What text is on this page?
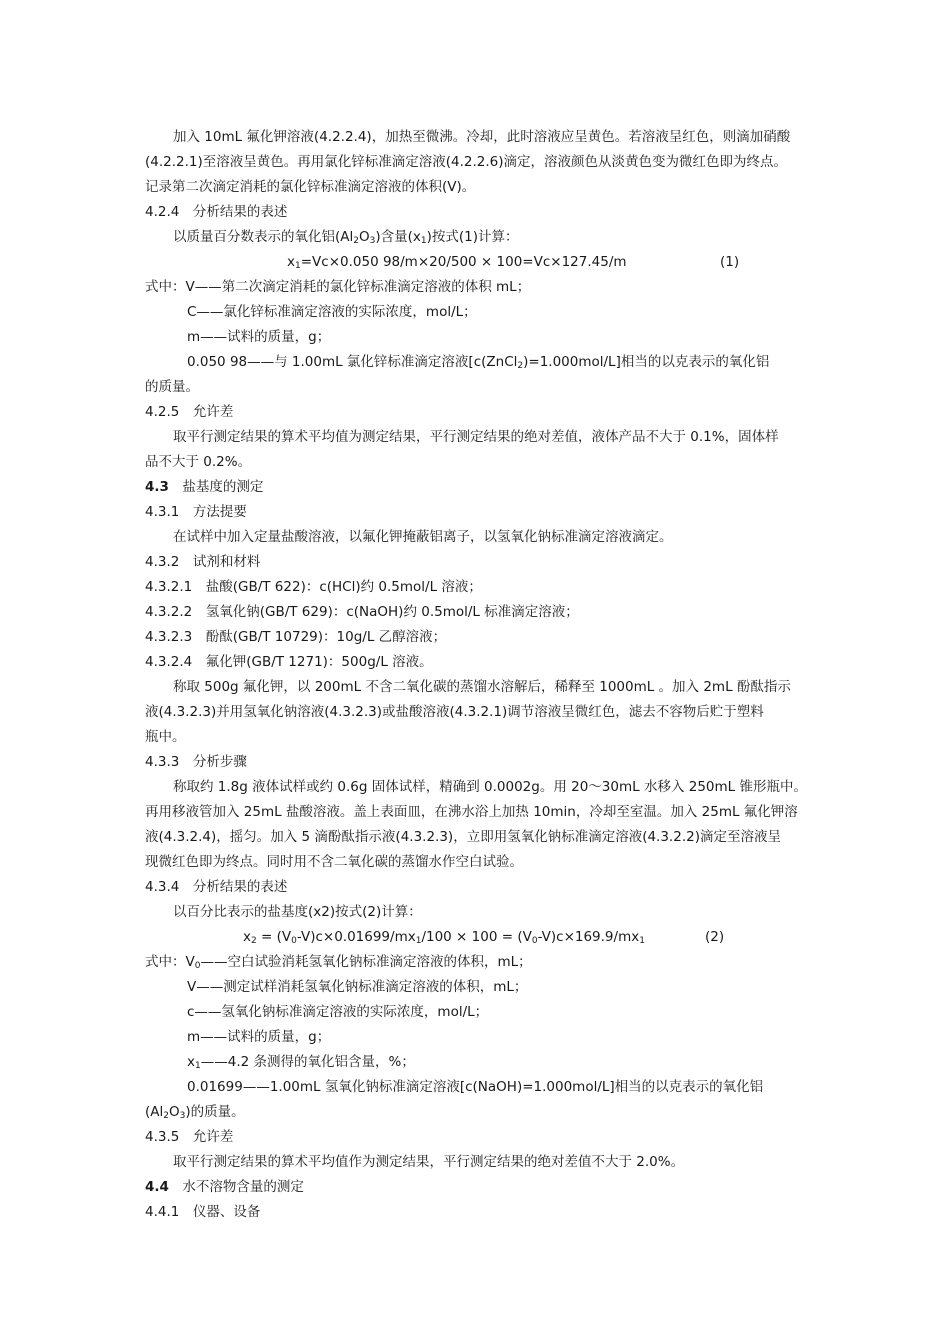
加入 10mL 氟化钾溶液(4.2.2.4)，加热至微沸。冷却，此时溶液应呈黄色。若溶液呈红色，则滴加硝酸
(4.2.2.1)至溶液呈黄色。再用氯化锌标准滴定溶液(4.2.2.6)滴定，溶液颜色从淡黄色变为微红色即为终点。
记录第二次滴定消耗的氯化锌标准滴定溶液的体积(V)。
4.2.4　分析结果的表述
以质量百分数表示的氧化铝$(Al_2O_3)$含量$(x_1)$按式(1)计算：
$x_1=Vc\times 0.050$ 98/m×20/500 × 100=Vc×127.45/m	(1)
式中：V——第二次滴定消耗的氯化锌标准滴定溶液的体积 mL；
C——氯化锌标准滴定溶液的实际浓度，mol/L；
m——试料的质量，g；
0.050 98——与 1.00mL 氯化锌标准滴定溶液[c(ZnCl$_2$)=1.000mol/L]相当的以克表示的氧化铝
的质量。
4.2.5　允许差
取平行测定结果的算术平均值为测定结果，平行测定结果的绝对差值，液体产品不大于 0.1%，固体样
品不大于 0.2%。
4.3　盐基度的测定
4.3.1　方法提要
在试样中加入定量盐酸溶液，以氟化钾掩蔽铝离子，以氢氧化钠标准滴定溶液滴定。
4.3.2　试剂和材料
4.3.2.1　盐酸(GB/T 622)：c(HCl)约 0.5mol/L 溶液；
4.3.2.2　氢氧化钠(GB/T 629)：c(NaOH)约 0.5mol/L 标准滴定溶液；
4.3.2.3　酚酞(GB/T 10729)：10g/L 乙醇溶液；
4.3.2.4　氟化钾(GB/T 1271)：500g/L 溶液。
称取 500g 氟化钾，以 200mL 不含二氧化碳的蒸馏水溶解后，稀释至 1000mL 。加入 2mL 酚酞指示
液(4.3.2.3)并用氢氧化钠溶液(4.3.2.3)或盐酸溶液(4.3.2.1)调节溶液呈微红色，滤去不容物后贮于塑料
瓶中。
4.3.3　分析步骤
称取约 1.8g 液体试样或约 0.6g 固体试样，精确到 0.0002g。用 20～30mL 水移入 250mL 锥形瓶中。
再用移液管加入 25mL 盐酸溶液。盖上表面皿，在沸水浴上加热 10min，冷却至室温。加入 25mL 氟化钾溶
液(4.3.2.4)，摇匀。加入 5 滴酚酞指示液(4.3.2.3)，立即用氢氧化钠标准滴定溶液(4.3.2.2)滴定至溶液呈
现微红色即为终点。同时用不含二氧化碳的蒸馏水作空白试验。
4.3.4　分析结果的表述
以百分比表示的盐基度(x2)按式(2)计算：
$x_2 = (V_0-V)c\times 0.01699/mx_1/100 \times 100 = (V_0-V)c\times 169.9/mx_1$	(2)
式中：$V_0——$空白试验消耗氢氧化钠标准滴定溶液的体积，mL；
V——测定试样消耗氢氧化钠标准滴定溶液的体积，mL；
c——氢氧化钠标准滴定溶液的实际浓度，mol/L；
m——试料的质量，g；
$x_1——4.2$ 条测得的氧化铝含量，%；
0.01699——1.00mL 氢氧化钠标准滴定溶液[c(NaOH)=1.000mol/L]相当的以克表示的氧化铝
$(Al_2O_3)$的质量。
4.3.5　允许差
取平行测定结果的算术平均值作为测定结果，平行测定结果的绝对差值不大于 2.0%。
4.4　水不溶物含量的测定
4.4.1　仪器、设备
